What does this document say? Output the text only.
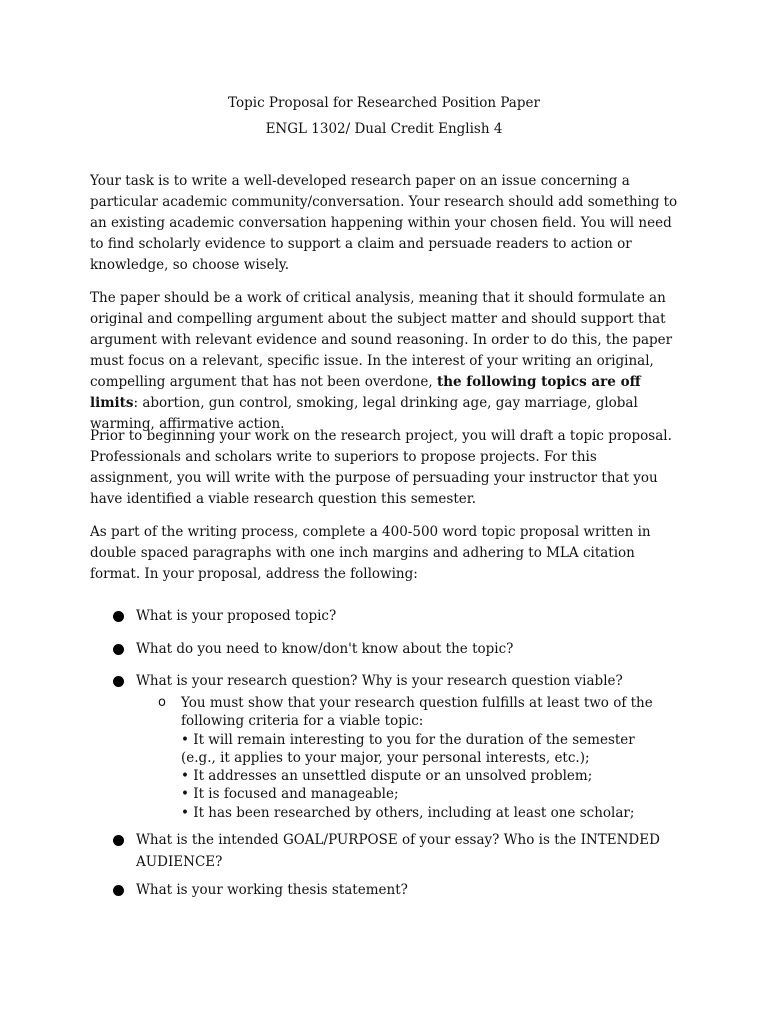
Topic Proposal for Researched Position Paper
ENGL 1302/ Dual Credit English 4
Your task is to write a well-developed research paper on an issue concerning a particular academic community/conversation. Your research should add something to an existing academic conversation happening within your chosen field. You will need to find scholarly evidence to support a claim and persuade readers to action or knowledge, so choose wisely.
The paper should be a work of critical analysis, meaning that it should formulate an original and compelling argument about the subject matter and should support that argument with relevant evidence and sound reasoning. In order to do this, the paper must focus on a relevant, specific issue. In the interest of your writing an original, compelling argument that has not been overdone, the following topics are off limits: abortion, gun control, smoking, legal drinking age, gay marriage, global warming, affirmative action.
Prior to beginning your work on the research project, you will draft a topic proposal. Professionals and scholars write to superiors to propose projects. For this assignment, you will write with the purpose of persuading your instructor that you have identified a viable research question this semester.
As part of the writing process, complete a 400-500 word topic proposal written in double spaced paragraphs with one inch margins and adhering to MLA citation format. In your proposal, address the following:
What is your proposed topic?
What do you need to know/don't know about the topic?
What is your research question? Why is your research question viable?
o You must show that your research question fulfills at least two of the following criteria for a viable topic:
• It will remain interesting to you for the duration of the semester (e.g., it applies to your major, your personal interests, etc.);
• It addresses an unsettled dispute or an unsolved problem;
• It is focused and manageable;
• It has been researched by others, including at least one scholar;
What is the intended GOAL/PURPOSE of your essay? Who is the INTENDED AUDIENCE?
What is your working thesis statement?
